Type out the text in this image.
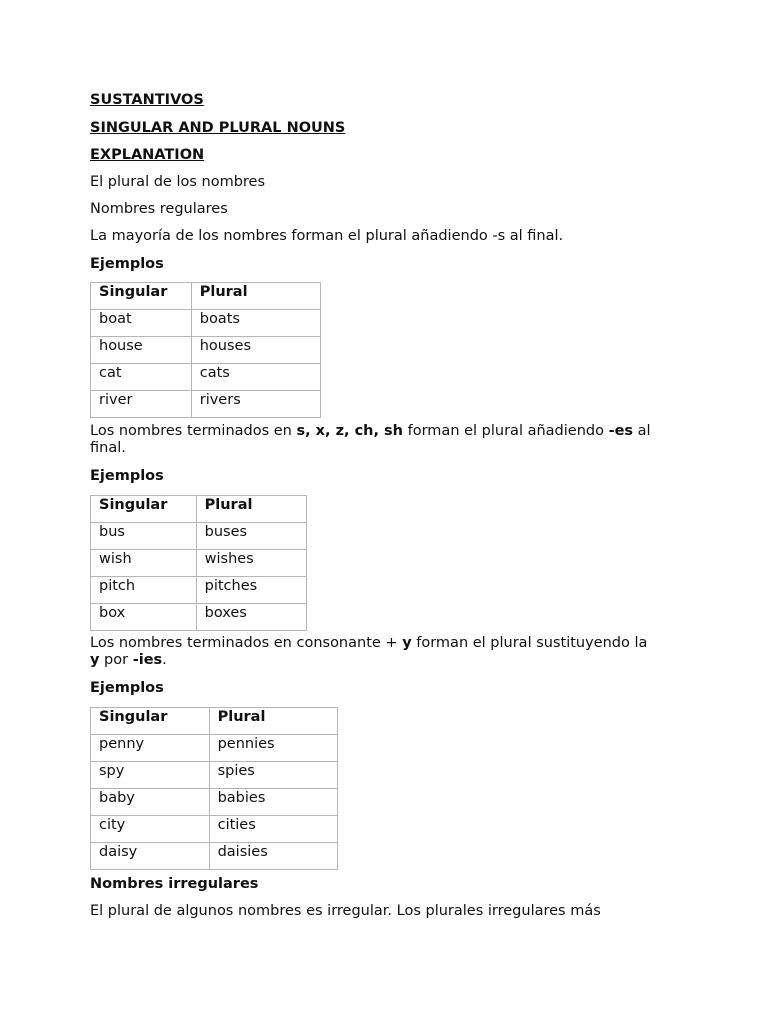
SUSTANTIVOS

SINGULAR AND PLURAL NOUNS

EXPLANATION

El plural de los nombres

Nombres regulares

La mayoría de los nombres forman el plural añadiendo -s al final.

Ejemplos

Singular	Plural
boat	boats
house	houses
cat	cats
river	rivers

Los nombres terminados en s, x, z, ch, sh forman el plural añadiendo -es al final.

Ejemplos

Singular	Plural
bus	buses
wish	wishes
pitch	pitches
box	boxes

Los nombres terminados en consonante + y forman el plural sustituyendo la y por -ies.

Ejemplos

Singular	Plural
penny	pennies
spy	spies
baby	babies
city	cities
daisy	daisies

Nombres irregulares

El plural de algunos nombres es irregular. Los plurales irregulares más
